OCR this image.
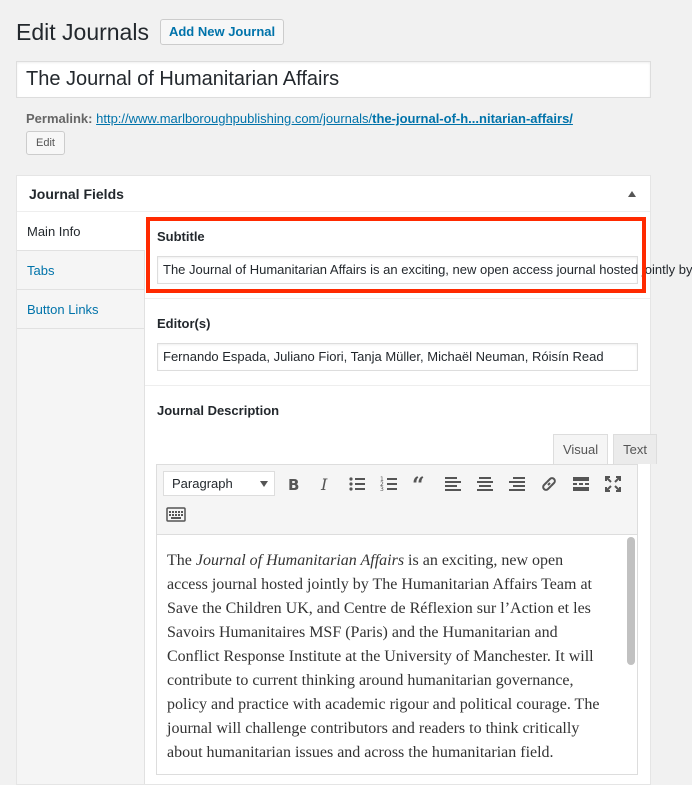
Edit Journals	Add New Journal
The Journal of Humanitarian Affairs
Permalink: http://www.marlboroughpublishing.com/journals/the-journal-of-h...nitarian-affairs/
Edit
Journal Fields
Main Info
Tabs
Button Links
Subtitle
The Journal of Humanitarian Affairs is an exciting, new open access journal hosted jointly by
Editor(s)
Fernando Espada, Juliano Fiori, Tanja Müller, Michaël Neuman, Róisín Read
Journal Description
Visual	Text
Paragraph	B I	1
2
3 “
The Journal of Humanitarian Affairs is an exciting, new open access journal hosted jointly by The Humanitarian Affairs Team at Save the Children UK, and Centre de Réflexion sur l’Action et les Savoirs Humanitaires MSF (Paris) and the Humanitarian and Conflict Response Institute at the University of Manchester. It will contribute to current thinking around humanitarian governance, policy and practice with academic rigour and political courage. The journal will challenge contributors and readers to think critically about humanitarian issues and across the humanitarian field.
